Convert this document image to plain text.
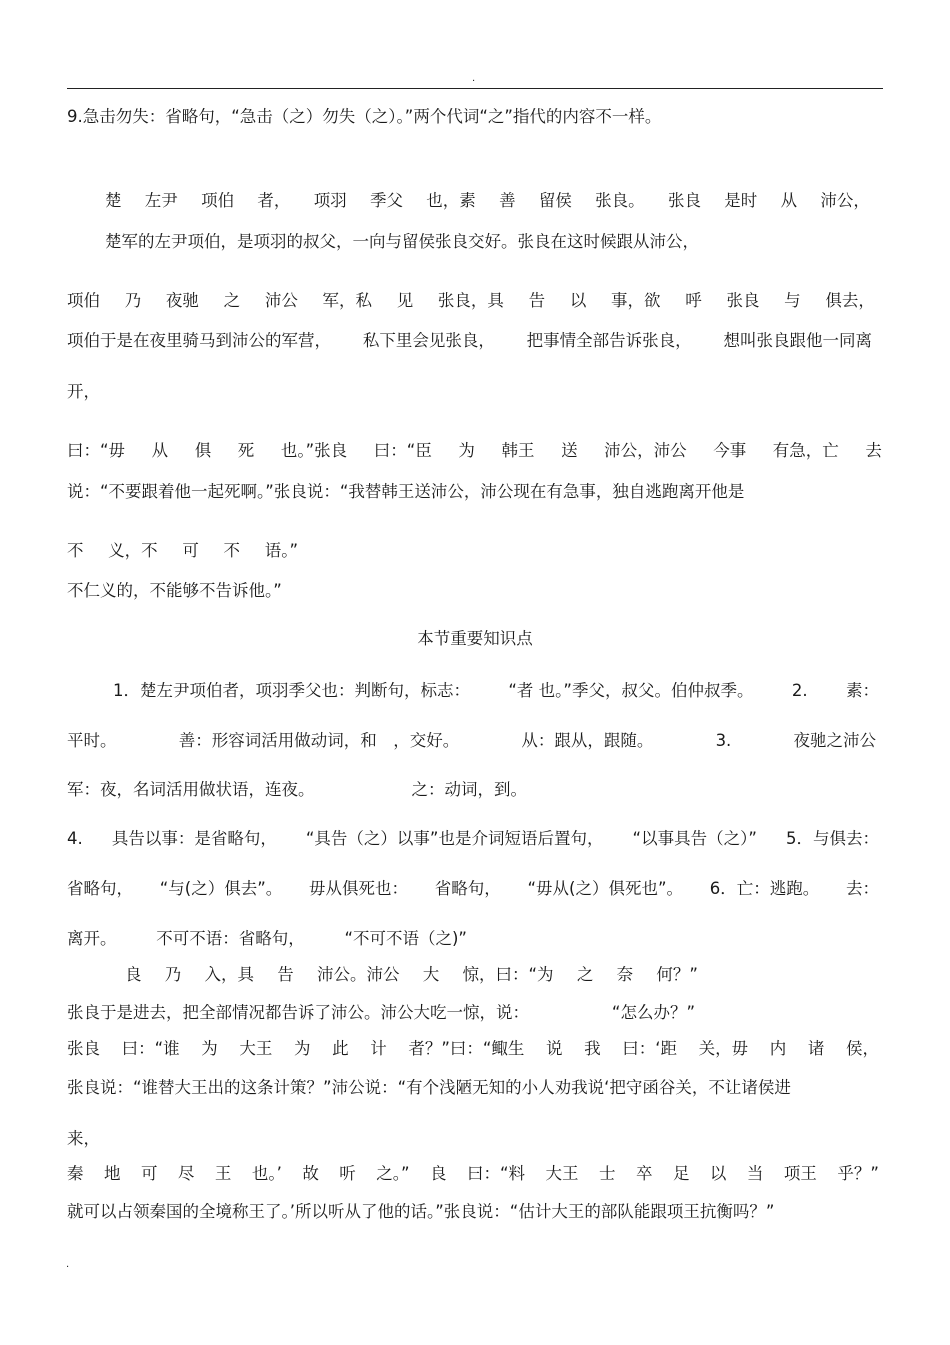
.
9.急击勿失：省略句，“急击（之）勿失（之）。”两个代词“之”指代的内容不一样。
楚 左尹 项伯 者， 项羽 季父 也，素 善 留侯 张良。 张良 是时 从 沛公，
楚军的左尹项伯，是项羽的叔父，一向与留侯张良交好。张良在这时候跟从沛公，
项伯 乃 夜驰 之 沛公 军，私 见 张良，具 告 以 事，欲 呼 张良 与 俱去，
项伯于是在夜里骑马到沛公的军营， 私下里会见张良， 把事情全部告诉张良， 想叫张良跟他一同离
开，
曰：“毋 从 俱 死 也。”张良 曰：“臣 为 韩王 送 沛公，沛公 今事 有急，亡 去
说：“不要跟着他一起死啊。”张良说：“我替韩王送沛公，沛公现在有急事，独自逃跑离开他是
不 义，不 可 不 语。”
不仁义的，不能够不告诉他。”
本节重要知识点
1．楚左尹项伯者，项羽季父也：判断句，标志： “者 也。”季父，叔父。伯仲叔季。 2. 素：
平时。	善：形容词活用做动词，和　，交好。	从：跟从，跟随。	3.	夜驰之沛公
军：夜，名词活用做状语，连夜。	之：动词，到。
4. 具告以事：是省略句， “具告（之）以事”也是介词短语后置句， “以事具告（之）” 5．与俱去：
省略句， “与(之）俱去”。 毋从俱死也： 省略句， “毋从(之）俱死也”。 6．亡：逃跑。 去：
离开。 不可不语：省略句， “不可不语（之)”
良 乃 入，具 告 沛公。沛公 大 惊，曰：“为 之 奈 何？”
张良于是进去，把全部情况都告诉了沛公。沛公大吃一惊，说：	“怎么办？”
张良 曰：“谁 为 大王 为 此 计 者？”曰：“鲰生 说 我 曰：‘距 关，毋 内 诸 侯，
张良说：“谁替大王出的这条计策？”沛公说：“有个浅陋无知的小人劝我说‘把守函谷关，不让诸侯进
来，
秦 地 可 尽 王 也。’ 故 听 之。” 良 曰：“料 大王 士 卒 足 以 当 项王 乎？”
就可以占领秦国的全境称王了。’所以听从了他的话。”张良说：“估计大王的部队能跟项王抗衡吗？”
.
